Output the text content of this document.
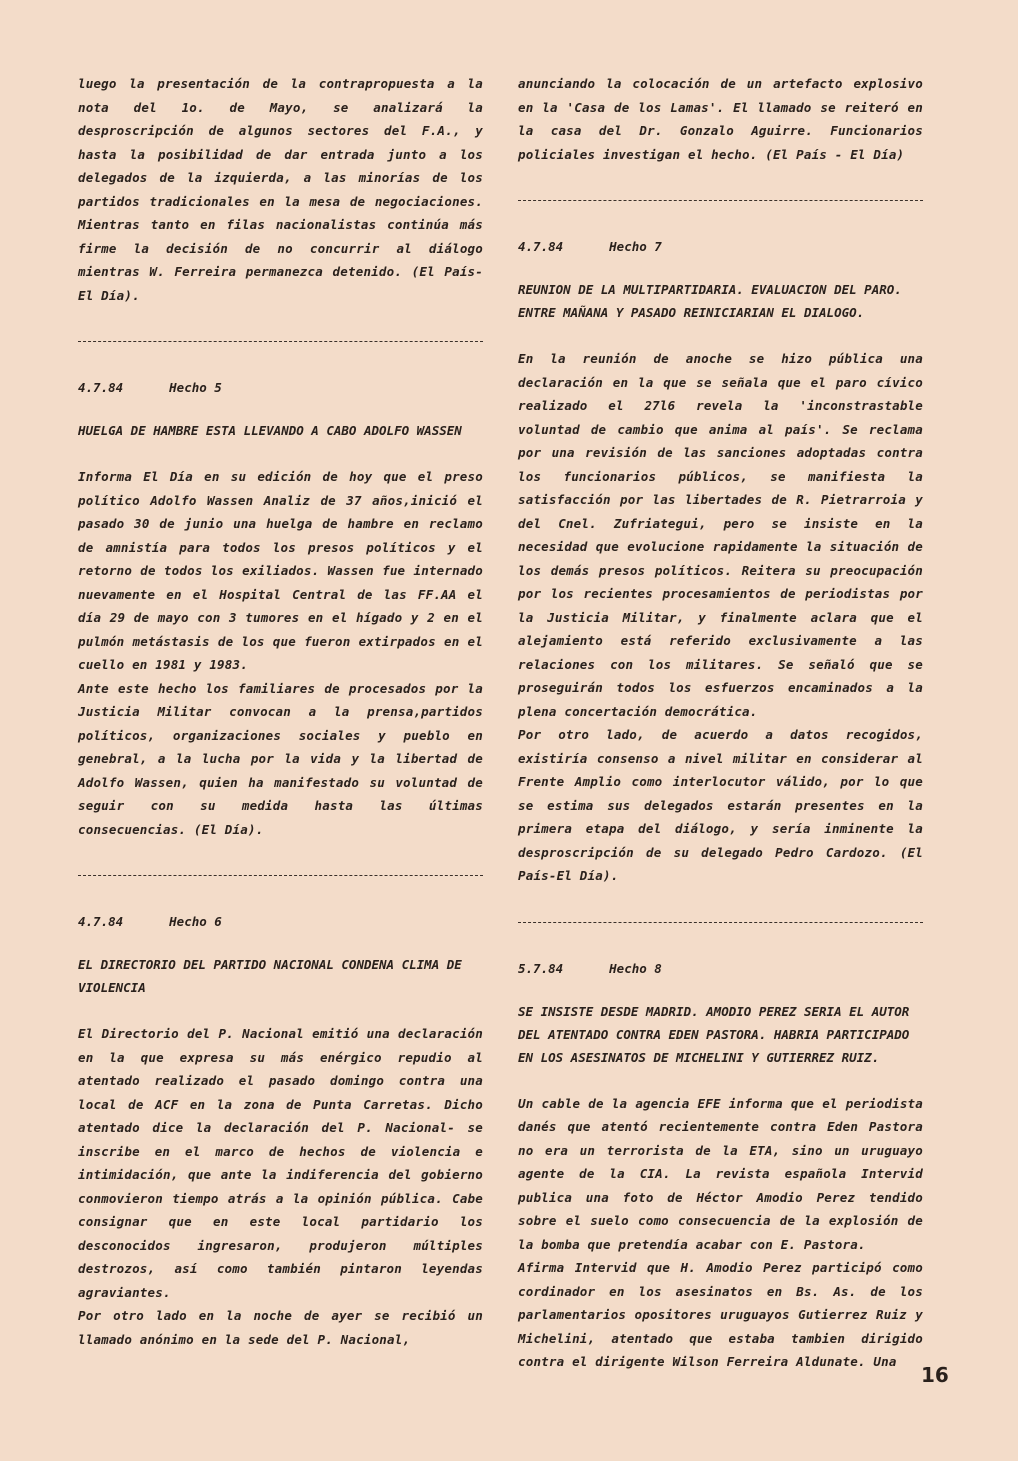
luego la presentación de la contrapropuesta a la nota del 1o. de Mayo, se analizará la desproscripción de algunos sectores del F.A., y hasta la posibilidad de dar entrada junto a los delegados de la izquierda, a las minorías de los partidos tradicionales en la mesa de negociaciones. Mientras tanto en filas nacionalistas continúa más firme la decisión de no concurrir al diálogo mientras W. Ferreira permanezca detenido. (El País-El Día).

4.7.84	Hecho 5

HUELGA DE HAMBRE ESTA LLEVANDO A CABO ADOLFO WASSEN

Informa El Día en su edición de hoy que el preso político Adolfo Wassen Analiz de 37 años,inició el pasado 30 de junio una huelga de hambre en reclamo de amnistía para todos los presos políticos y el retorno de todos los exiliados. Wassen fue internado nuevamente en el Hospital Central de las FF.AA el día 29 de mayo con 3 tumores en el hígado y 2 en el pulmón metástasis de los que fueron extirpados en el cuello en 1981 y 1983.

Ante este hecho los familiares de procesados por la Justicia Militar convocan a la prensa,partidos políticos, organizaciones sociales y pueblo en genebral, a la lucha por la vida y la libertad de Adolfo Wassen, quien ha manifestado su voluntad de seguir con su medida hasta las últimas consecuencias. (El Día).

4.7.84	Hecho 6

EL DIRECTORIO DEL PARTIDO NACIONAL CONDENA CLIMA DE VIOLENCIA

El Directorio del P. Nacional emitió una declaración en la que expresa su más enérgico repudio al atentado realizado el pasado domingo contra una local de ACF en la zona de Punta Carretas. Dicho atentado dice la declaración del P. Nacional- se inscribe en el marco de hechos de violencia e intimidación, que ante la indiferencia del gobierno conmovieron tiempo atrás a la opinión pública. Cabe consignar que en este local partidario los desconocidos ingresaron, produjeron múltiples destrozos, así como también pintaron leyendas agraviantes.

Por otro lado en la noche de ayer se recibió un llamado anónimo en la sede del P. Nacional,

anunciando la colocación de un artefacto explosivo en la 'Casa de los Lamas'. El llamado se reiteró en la casa del Dr. Gonzalo Aguirre. Funcionarios policiales investigan el hecho. (El País - El Día)

4.7.84	Hecho 7

REUNION DE LA MULTIPARTIDARIA. EVALUACION DEL PARO. ENTRE MAÑANA Y PASADO REINICIARIAN EL DIALOGO.

En la reunión de anoche se hizo pública una declaración en la que se señala que el paro cívico realizado el 27l6 revela la 'inconstrastable voluntad de cambio que anima al país'. Se reclama por una revisión de las sanciones adoptadas contra los funcionarios públicos, se manifiesta la satisfacción por las libertades de R. Pietrarroia y del Cnel. Zufriategui, pero se insiste en la necesidad que evolucione rapidamente la situación de los demás presos políticos. Reitera su preocupación por los recientes procesamientos de periodistas por la Justicia Militar, y finalmente aclara que el alejamiento está referido exclusivamente a las relaciones con los militares. Se señaló que se proseguirán todos los esfuerzos encaminados a la plena concertación democrática.

Por otro lado, de acuerdo a datos recogidos, existiría consenso a nivel militar en considerar al Frente Amplio como interlocutor válido, por lo que se estima sus delegados estarán presentes en la primera etapa del diálogo, y sería inminente la desproscripción de su delegado Pedro Cardozo. (El País-El Día).

5.7.84	Hecho 8

SE INSISTE DESDE MADRID. AMODIO PEREZ SERIA EL AUTOR DEL ATENTADO CONTRA EDEN PASTORA. HABRIA PARTICIPADO EN LOS ASESINATOS DE MICHELINI Y GUTIERREZ RUIZ.

Un cable de la agencia EFE informa que el periodista danés que atentó recientemente contra Eden Pastora no era un terrorista de la ETA, sino un uruguayo agente de la CIA. La revista española Intervid publica una foto de Héctor Amodio Perez tendido sobre el suelo como consecuencia de la explosión de la bomba que pretendía acabar con E. Pastora.

Afirma Intervid que H. Amodio Perez participó como cordinador en los asesinatos en Bs. As. de los parlamentarios opositores uruguayos Gutierrez Ruiz y Michelini, atentado que estaba tambien dirigido contra el dirigente Wilson Ferreira Aldunate. Una

16
